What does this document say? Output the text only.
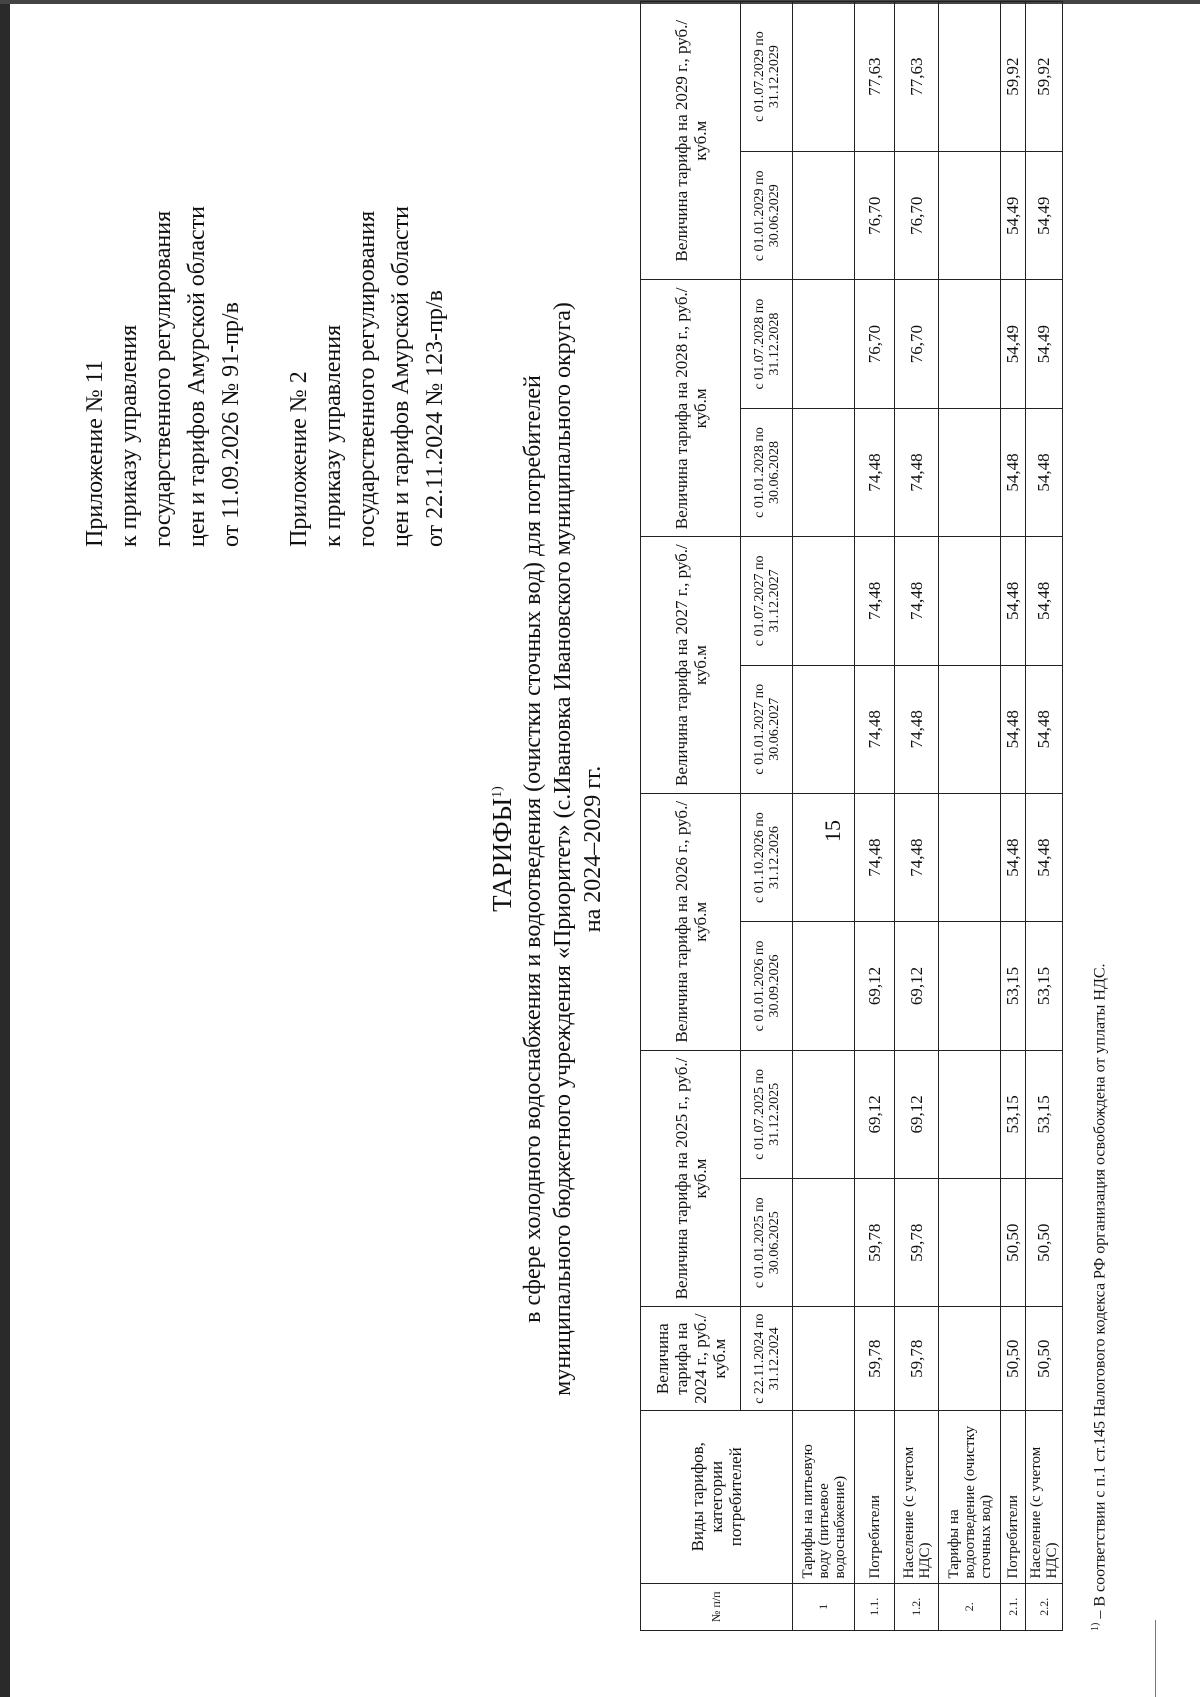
15
Приложение № 11 к приказу управления государственного регулирования цен и тарифов Амурской области от 11.09.2026 № 91-пр/в Приложение № 2 к приказу управления государственного регулирования цен и тарифов Амурской области от 22.11.2024 № 123-пр/в
ТАРИФЫ$^{1)}$ в сфере холодного водоснабжения и водоотведения (очистки сточных вод) для потребителей муниципального бюджетного учреждения «Приоритет» (с.Ивановка Ивановского муниципального округа) на 2024–2029 гг.
№ п/п	Виды тарифов, категории потребителей	Величина тарифа на 2024 г., руб./куб.м	Величина тарифа на 2025 г., руб./куб.м		Величина тарифа на 2026 г., руб./куб.м		Величина тарифа на 2027 г., руб./куб.м		Величина тарифа на 2028 г., руб./куб.м		Величина тарифа на 2029 г., руб./куб.м	
		с 22.11.2024 по 31.12.2024	с 01.01.2025 по 30.06.2025	с 01.07.2025 по 31.12.2025	с 01.01.2026 по 30.09.2026	с 01.10.2026 по 31.12.2026	с 01.01.2027 по 30.06.2027	с 01.07.2027 по 31.12.2027	с 01.01.2028 по 30.06.2028	с 01.07.2028 по 31.12.2028	с 01.01.2029 по 30.06.2029	с 01.07.2029 по 31.12.2029
1	Тарифы на питьевую воду (питьевое водоснабжение)											
1.1.	Потребители	59,78	59,78	69,12	69,12	74,48	74,48	74,48	74,48	76,70	76,70	77,63
1.2.	Население (с учетом НДС)	59,78	59,78	69,12	69,12	74,48	74,48	74,48	74,48	76,70	76,70	77,63
2.	Тарифы на водоотведение (очистку сточных вод)											
2.1.	Потребители	50,50	50,50	53,15	53,15	54,48	54,48	54,48	54,48	54,49	54,49	59,92
2.2.	Население (с учетом НДС)	50,50	50,50	53,15	53,15	54,48	54,48	54,48	54,48	54,49	54,49	59,92
$^{1)}$ – В соответствии с п.1 ст.145 Налогового кодекса РФ организация освобождена от уплаты НДС.
